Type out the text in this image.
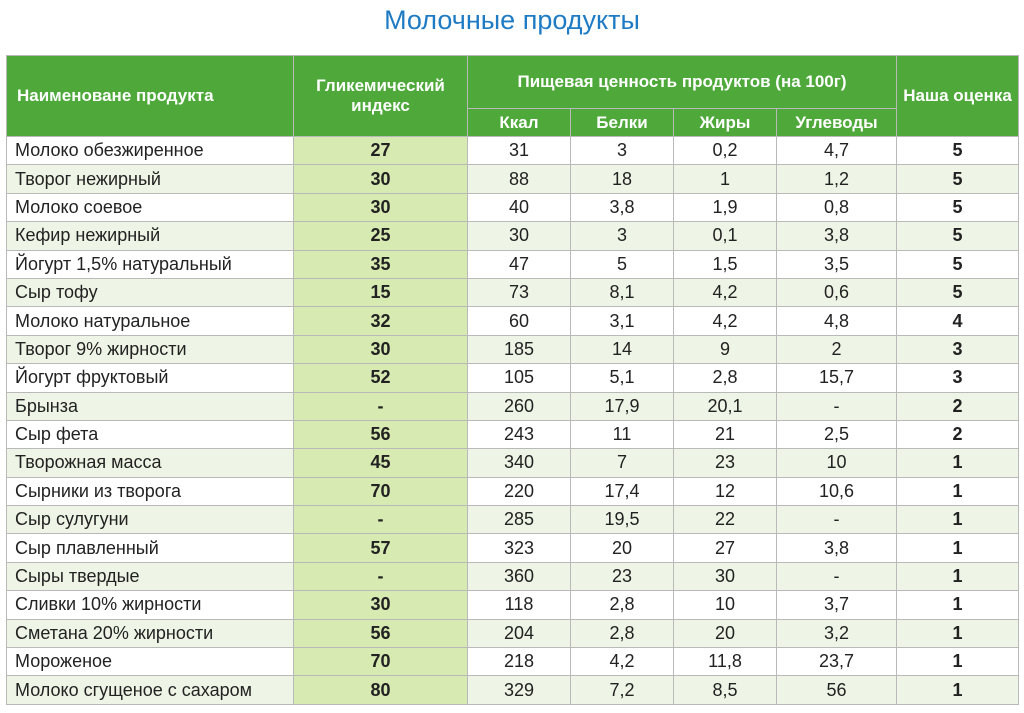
Молочные продукты
Наименоване продукта	Гликемический индекс	Пищевая ценность продуктов (на 100г)				Наша оценка
		Ккал	Белки	Жиры	Углеводы	
Молоко обезжиренное	27	31	3	0,2	4,7	5
Творог нежирный	30	88	18	1	1,2	5
Молоко соевое	30	40	3,8	1,9	0,8	5
Кефир нежирный	25	30	3	0,1	3,8	5
Йогурт 1,5% натуральный	35	47	5	1,5	3,5	5
Сыр тофу	15	73	8,1	4,2	0,6	5
Молоко натуральное	32	60	3,1	4,2	4,8	4
Творог 9% жирности	30	185	14	9	2	3
Йогурт фруктовый	52	105	5,1	2,8	15,7	3
Брынза	-	260	17,9	20,1	-	2
Сыр фета	56	243	11	21	2,5	2
Творожная масса	45	340	7	23	10	1
Сырники из творога	70	220	17,4	12	10,6	1
Сыр сулугуни	-	285	19,5	22	-	1
Сыр плавленный	57	323	20	27	3,8	1
Сыры твердые	-	360	23	30	-	1
Сливки 10% жирности	30	118	2,8	10	3,7	1
Сметана 20% жирности	56	204	2,8	20	3,2	1
Мороженое	70	218	4,2	11,8	23,7	1
Молоко сгущеное с сахаром	80	329	7,2	8,5	56	1
